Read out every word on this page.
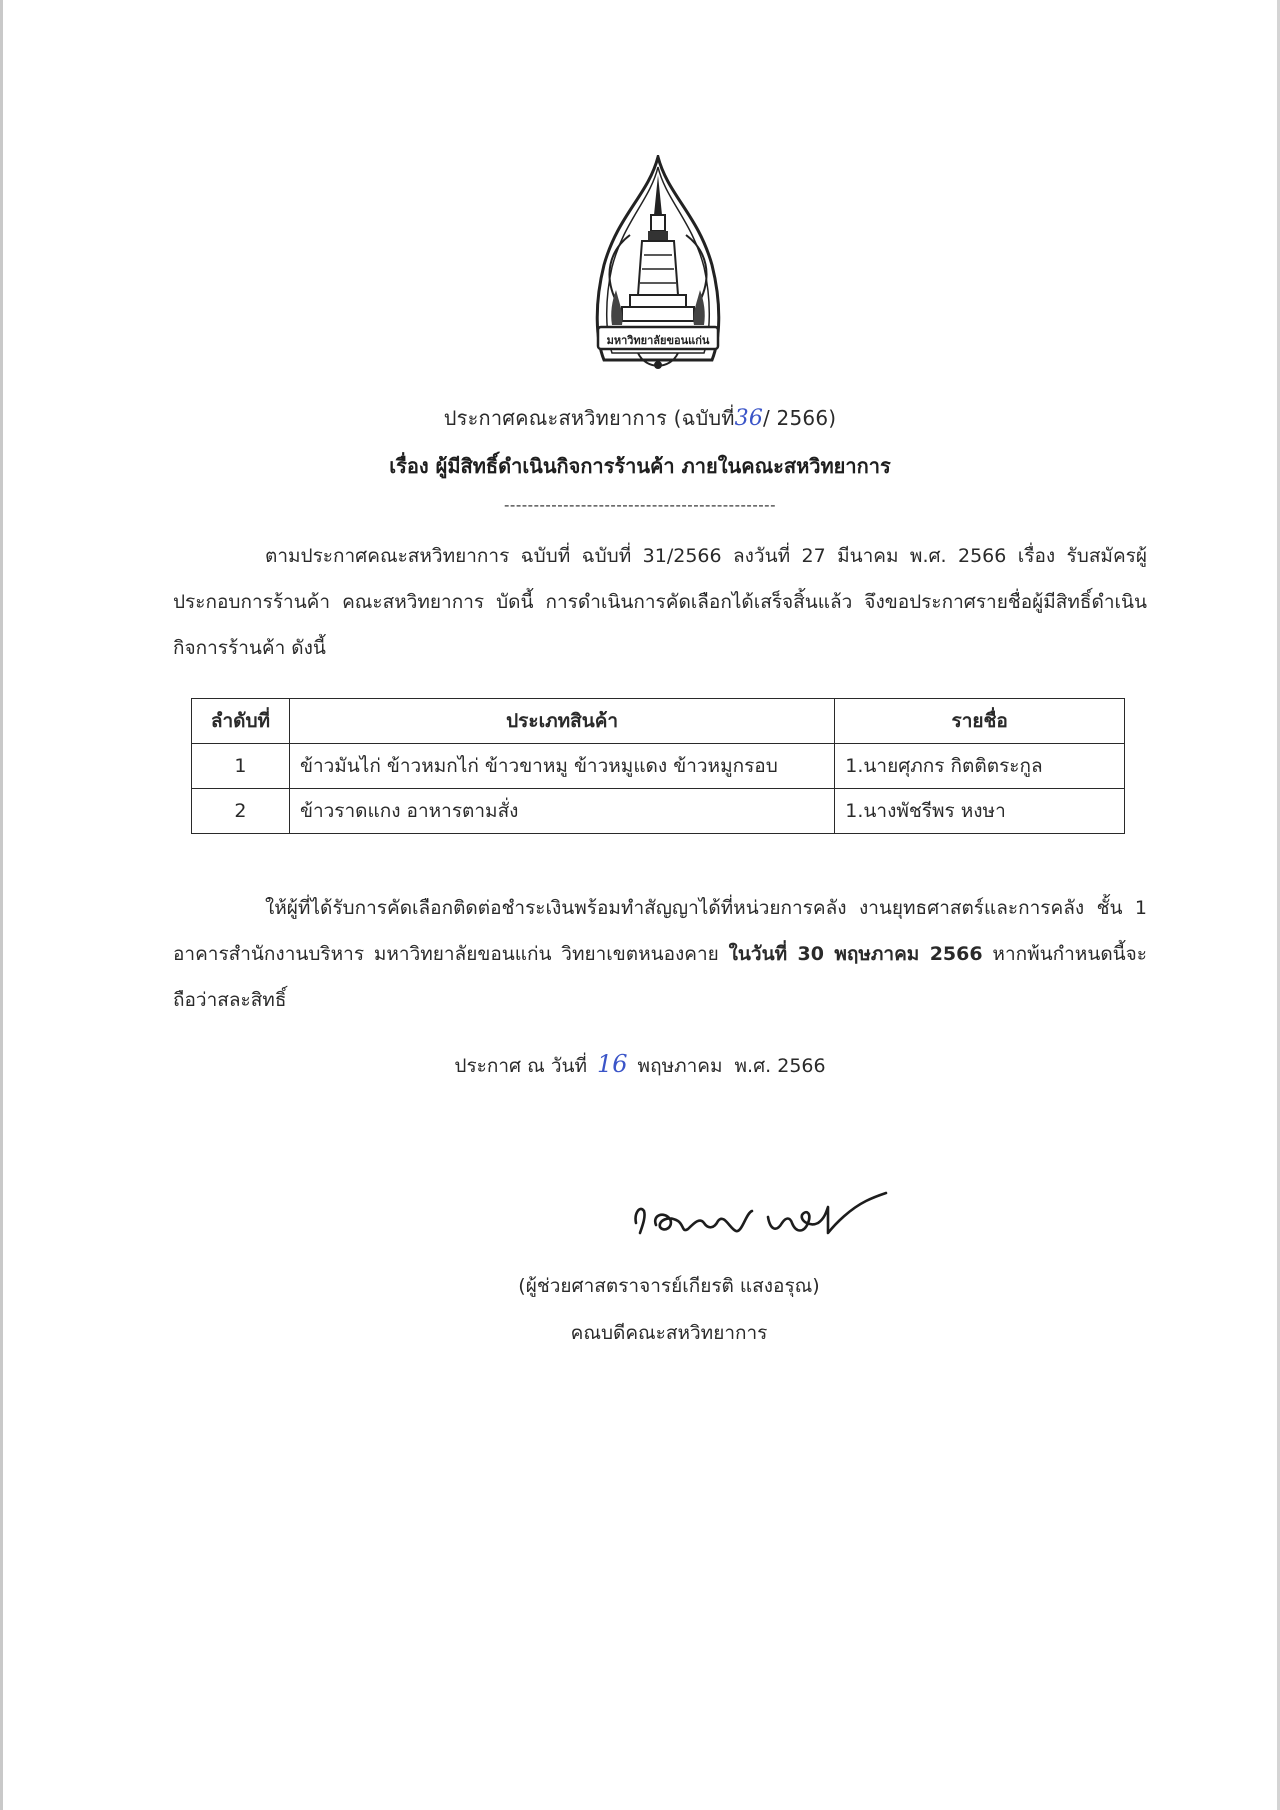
มหาวิทยาลัยขอนแก่น
ประกาศคณะสหวิทยาการ (ฉบับที่36/ 2566)
เรื่อง ผู้มีสิทธิ์ดำเนินกิจการร้านค้า ภายในคณะสหวิทยาการ
----------------------------------------------
ตามประกาศคณะสหวิทยาการ ฉบับที่ ฉบับที่ 31/2566 ลงวันที่ 27 มีนาคม พ.ศ. 2566 เรื่อง รับสมัครผู้ประกอบการร้านค้า คณะสหวิทยาการ บัดนี้ การดำเนินการคัดเลือกได้เสร็จสิ้นแล้ว จึงขอประกาศรายชื่อผู้มีสิทธิ์ดำเนินกิจการร้านค้า ดังนี้
ลำดับที่	ประเภทสินค้า	รายชื่อ
1	ข้าวมันไก่ ข้าวหมกไก่ ข้าวขาหมู ข้าวหมูแดง ข้าวหมูกรอบ	1.นายศุภกร กิตติตระกูล
2	ข้าวราดแกง อาหารตามสั่ง	1.นางพัชรีพร หงษา
ให้ผู้ที่ได้รับการคัดเลือกติดต่อชำระเงินพร้อมทำสัญญาได้ที่หน่วยการคลัง งานยุทธศาสตร์และการคลัง ชั้น 1 อาคารสำนักงานบริหาร มหาวิทยาลัยขอนแก่น วิทยาเขตหนองคาย ในวันที่ 30 พฤษภาคม 2566 หากพ้นกำหนดนี้จะถือว่าสละสิทธิ์
ประกาศ ณ วันที่ 16 พฤษภาคม พ.ศ. 2566
(ผู้ช่วยศาสตราจารย์เกียรติ แสงอรุณ)
คณบดีคณะสหวิทยาการ
